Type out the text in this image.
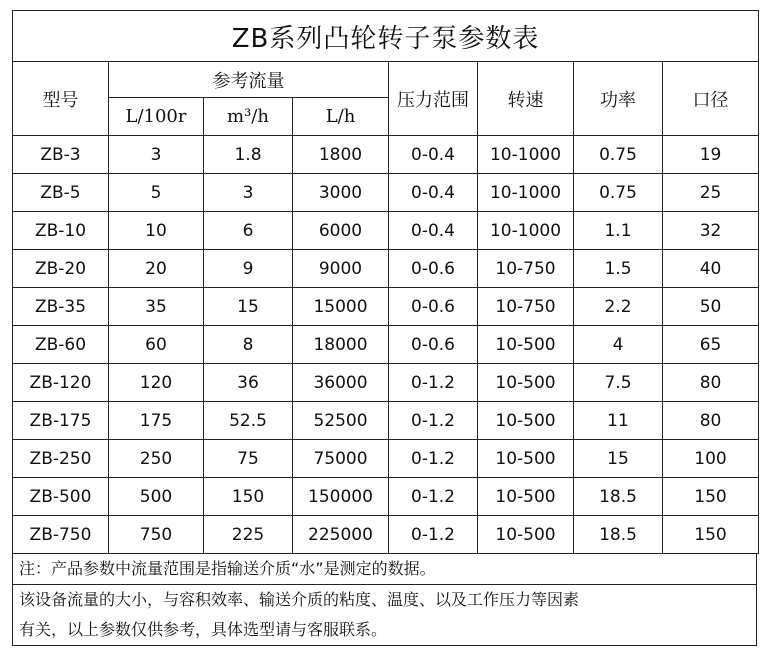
ZB系列凸轮转子泵参数表							
型号	参考流量			压力范围	转速	功率	口径
	L/100r	m³/h	L/h				
ZB-3	3	1.8	1800	0-0.4	10-1000	0.75	19
ZB-5	5	3	3000	0-0.4	10-1000	0.75	25
ZB-10	10	6	6000	0-0.4	10-1000	1.1	32
ZB-20	20	9	9000	0-0.6	10-750	1.5	40
ZB-35	35	15	15000	0-0.6	10-750	2.2	50
ZB-60	60	8	18000	0-0.6	10-500	4	65
ZB-120	120	36	36000	0-1.2	10-500	7.5	80
ZB-175	175	52.5	52500	0-1.2	10-500	11	80
ZB-250	250	75	75000	0-1.2	10-500	15	100
ZB-500	500	150	150000	0-1.2	10-500	18.5	150
ZB-750	750	225	225000	0-1.2	10-500	18.5	150
注：产品参数中流量范围是指输送介质“水”是测定的数据。
该设备流量的大小，与容积效率、输送介质的粘度、温度、以及工作压力等因素
有关，以上参数仅供参考，具体选型请与客服联系。
